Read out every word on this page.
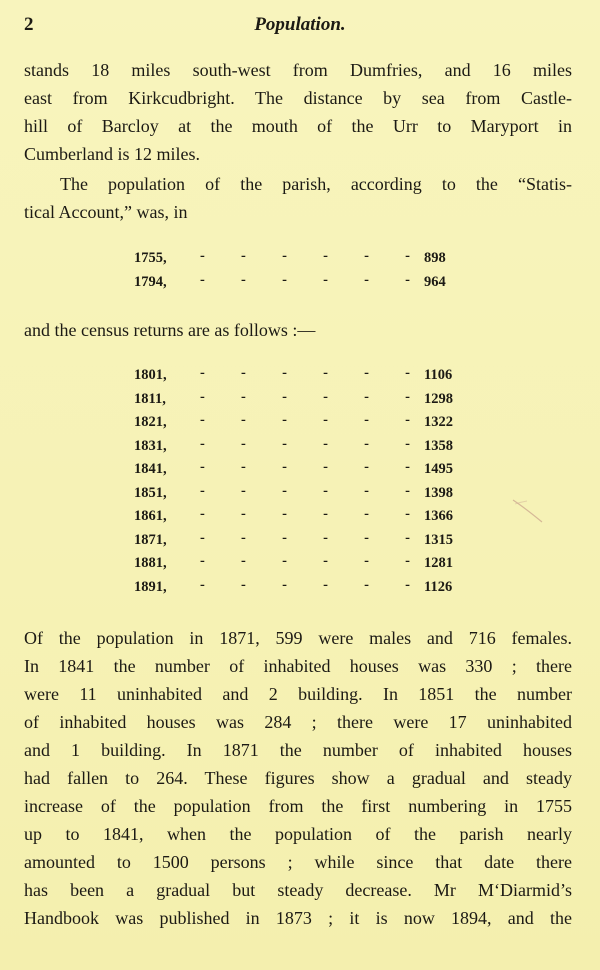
2	Population.
stands 18 miles south-west from Dumfries, and 16 miles
east from Kirkcudbright. The distance by sea from Castle-
hill of Barcloy at the mouth of the Urr to Maryport in
Cumberland is 12 miles.
The population of the parish, according to the “Statis-
tical Account,” was, in
1755, - - - - - - 898
1794, - - - - - - 964
and the census returns are as follows :—
1801, - - - - - - 1106
1811, - - - - - - 1298
1821, - - - - - - 1322
1831, - - - - - - 1358
1841, - - - - - - 1495
1851, - - - - - - 1398
1861, - - - - - - 1366
1871, - - - - - - 1315
1881, - - - - - - 1281
1891, - - - - - - 1126
Of the population in 1871, 599 were males and 716 females.
In 1841 the number of inhabited houses was 330 ; there
were 11 uninhabited and 2 building. In 1851 the number
of inhabited houses was 284 ; there were 17 uninhabited
and 1 building. In 1871 the number of inhabited houses
had fallen to 264. These figures show a gradual and steady
increase of the population from the first numbering in 1755
up to 1841, when the population of the parish nearly
amounted to 1500 persons ; while since that date there
has been a gradual but steady decrease. Mr M‘Diarmid’s
Handbook was published in 1873 ; it is now 1894, and the
